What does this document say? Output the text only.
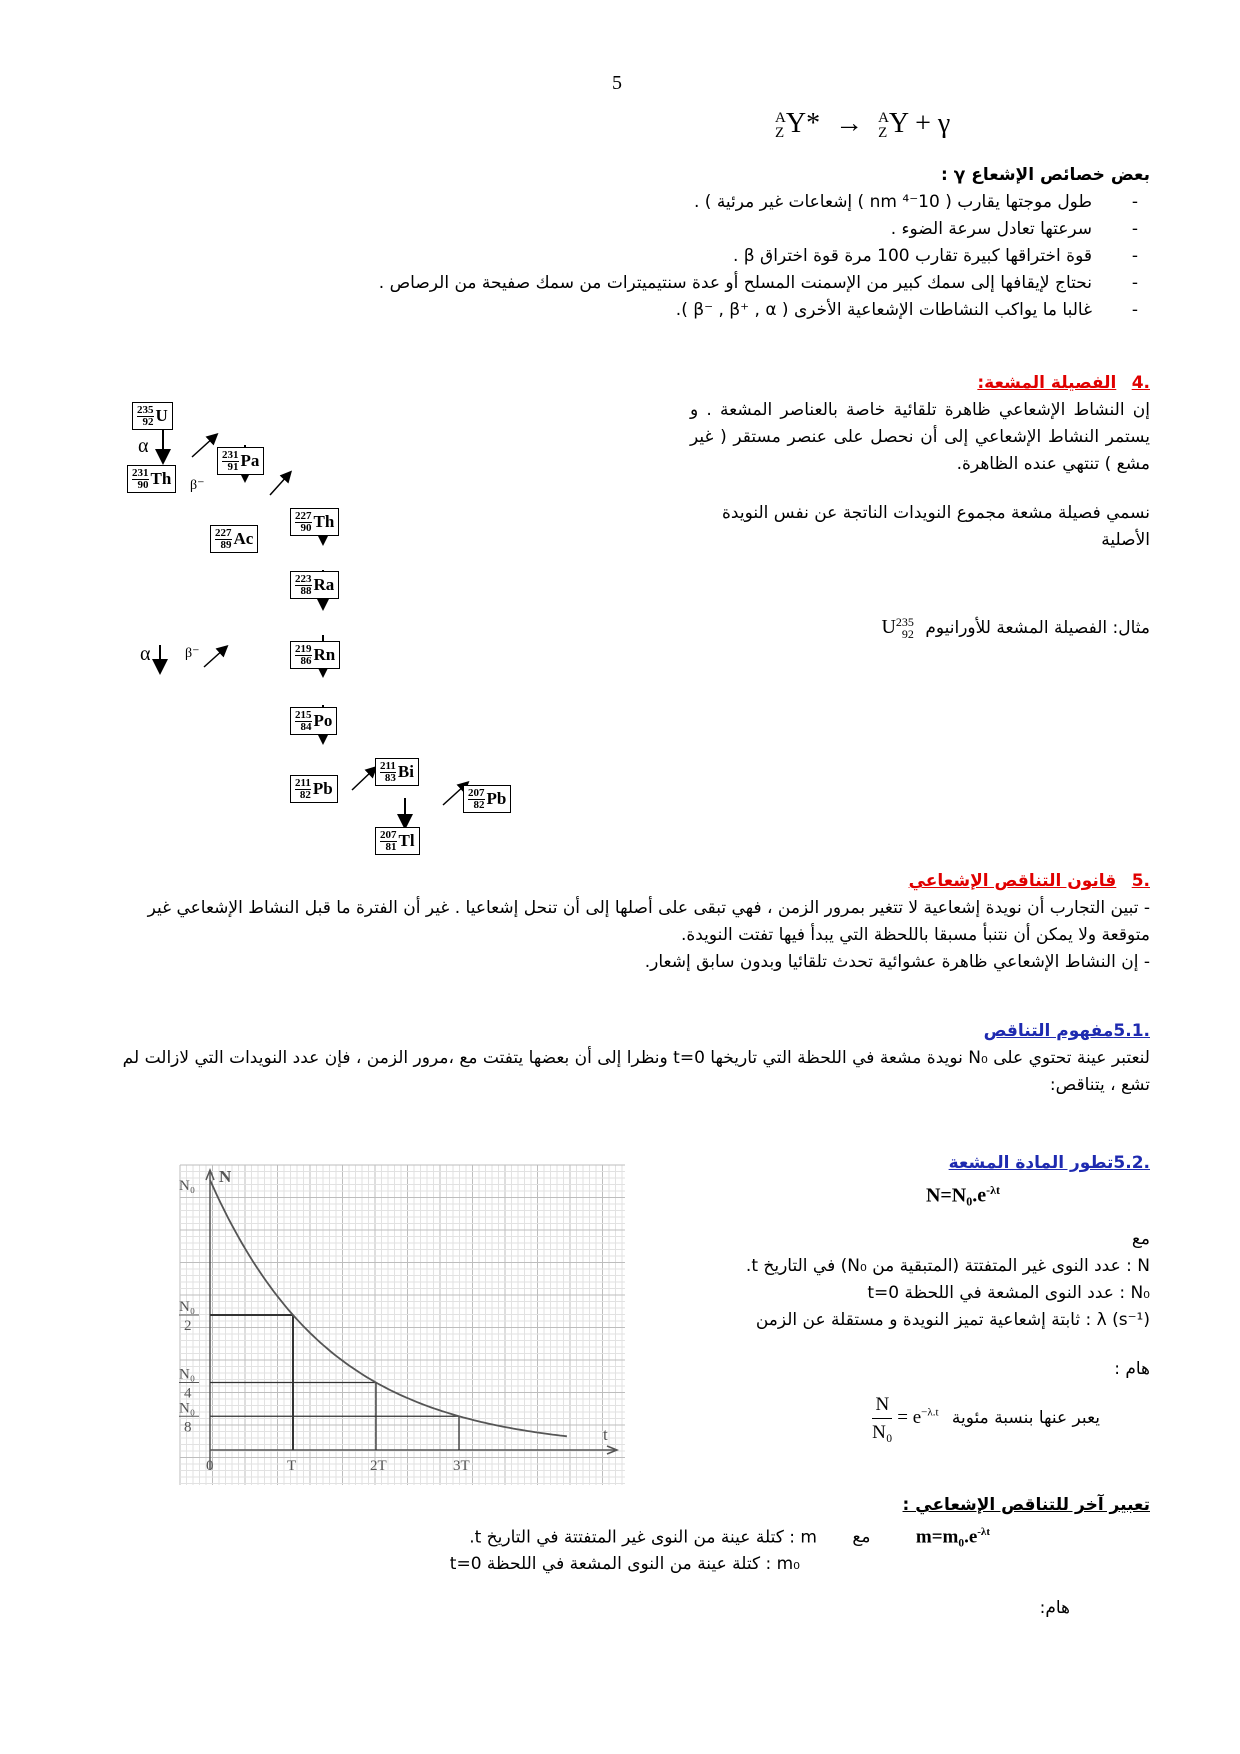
5
A
Z Y* → A
Z Y + γ
بعض خصائص الإشعاع γ :
- طول موجتها يقارب ( 10⁻⁴ nm ) إشعاعات غير مرئية ) .
- سرعتها تعادل سرعة الضوء .
- قوة اختراقها كبيرة تقارب 100 مرة قوة اختراق β .
- نحتاج لإيقافها إلى سمك كبير من الإسمنت المسلح أو عدة سنتيميترات من سمك صفيحة من الرصاص .
- غالبا ما يواكب النشاطات الإشعاعية الأخرى ( β⁻ , β⁺ , α ).
.4 الفصيلة المشعة:
إن النشاط الإشعاعي ظاهرة تلقائية خاصة بالعناصر المشعة . و يستمر النشاط الإشعاعي إلى أن نحصل على عنصر مستقر ( غير مشع ) تنتهي عنده الظاهرة.
نسمي فصيلة مشعة مجموع النويدات الناتجة عن نفس النويدة الأصلية
مثال: الفصيلة المشعة للأورانيوم
235
92
U
α
β⁻
α β⁻
235
92 U
231
90 Th
231
91 Pa
227
89 Ac
227
90 Th
223
88 Ra
219
86 Rn
215
84 Po
211
82 Pb
211
83 Bi
207
81 Tl
207
82 Pb
.5 قانون التناقص الإشعاعي
- تبين التجارب أن نويدة إشعاعية لا تتغير بمرور الزمن ، فهي تبقى على أصلها إلى أن تنحل إشعاعيا . غير أن الفترة ما قبل النشاط الإشعاعي غير متوقعة ولا يمكن أن نتنبأ مسبقا باللحظة التي يبدأ فيها تفتت النويدة.
- إن النشاط الإشعاعي ظاهرة عشوائية تحدث تلقائيا وبدون سابق إشعار.
.5.1مفهوم التناقص
لنعتبر عينة تحتوي على N₀ نويدة مشعة في اللحظة التي تاريخها t=0 ونظرا إلى أن بعضها يتفتت مع ،مرور الزمن ، فإن عدد النويدات التي لازالت لم تشع ، يتناقص:
N
t
N₀
N₀
2
N₀
4
N₀
8
0	T	2T	3T
.5.2تطور المادة المشعة
$N=N_0.e^{-\lambda t}$
مع
N : عدد النوى غير المتفتتة (المتبقية من N₀) في التاريخ t.
N₀ : عدد النوى المشعة في اللحظة t=0
λ (s⁻¹) : ثابتة إشعاعية تميز النويدة و مستقلة عن الزمن
هام :
يعبر عنها بنسبة مئوية
$\frac{N}{\text{N₀}} = e^{-\lambda.t}$
تعبير آخر للتناقص الإشعاعي :
$m=m_0.e^{-\lambda t}$ مع m : كتلة عينة من النوى غير المتفتتة في التاريخ t.
m₀ : كتلة عينة من النوى المشعة في اللحظة t=0
هام:
